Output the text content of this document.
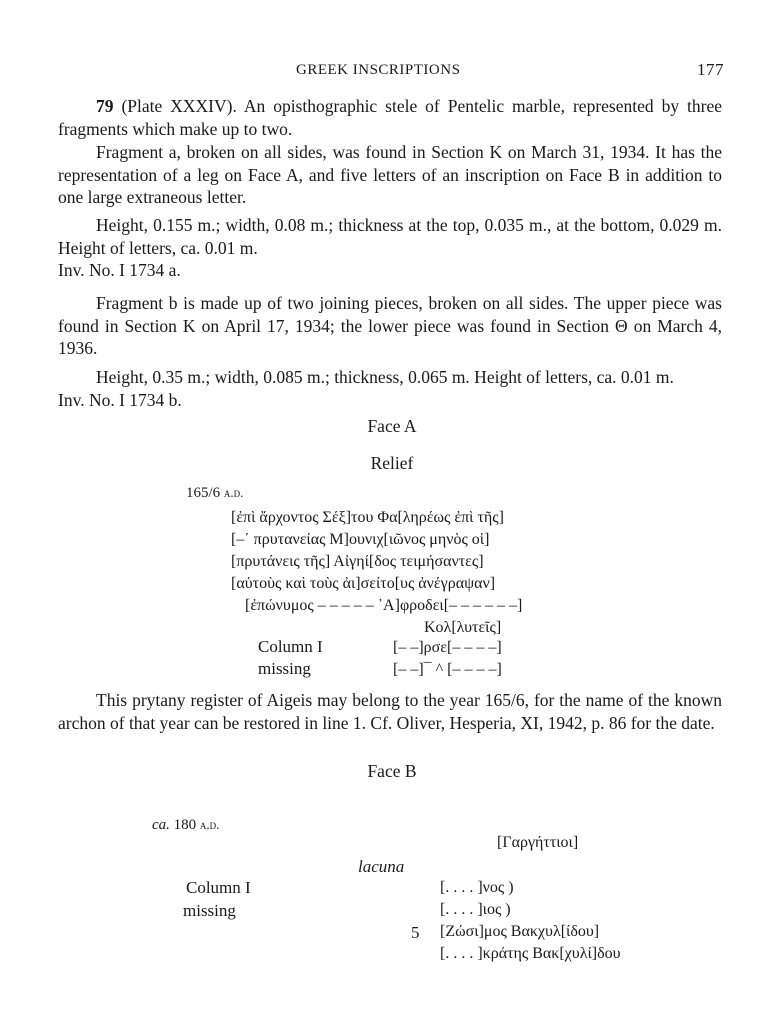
GREEK INSCRIPTIONS	177
79 (Plate XXXIV). An opisthographic stele of Pentelic marble, represented by three fragments which make up to two.
Fragment a, broken on all sides, was found in Section K on March 31, 1934. It has the representation of a leg on Face A, and five letters of an inscription on Face B in addition to one large extraneous letter.
Height, 0.155 m.; width, 0.08 m.; thickness at the top, 0.035 m., at the bottom, 0.029 m. Height of letters, ca. 0.01 m.
Inv. No. I 1734 a.
Fragment b is made up of two joining pieces, broken on all sides. The upper piece was found in Section K on April 17, 1934; the lower piece was found in Section Θ on March 4, 1936.
Height, 0.35 m.; width, 0.085 m.; thickness, 0.065 m. Height of letters, ca. 0.01 m.
Inv. No. I 1734 b.
Face A
Relief
165/6 a.d.
[ἐπὶ ἄρχοντος Σέξ]του Φα[ληρέως ἐπὶ τῆς]
[–΄ πρυτανείας Μ]ουνιχ[ιῶνος μηνὸς οἱ]
[πρυτάνεις τῆς] Αἰγηί[δος τειμήσαντες]
[αὑτοὺς καὶ τοὺς ἀι]σείτο[υς ἀνέγραψαν]
[ἐπώνυμος – – – – – ᾽Α]φροδει[– – – – – –]
Κολ[λυτεῖς]
Column I
missing
[– –]ρσε[– – – –]
[– –]¯ ^ [– – – –]
This prytany register of Aigeis may belong to the year 165/6, for the name of the known archon of that year can be restored in line 1. Cf. Oliver, Hesperia, XI, 1942, p. 86 for the date.
Face B
ca. 180 a.d.
[Γαργήττιοι]
lacuna
Column I
missing
[. . . . ]νος )
[. . . . ]ιος )
5 [Ζώσι]μος Βακχυλ[ίδου]
[. . . . ]κράτης Βακ[χυλί]δου
